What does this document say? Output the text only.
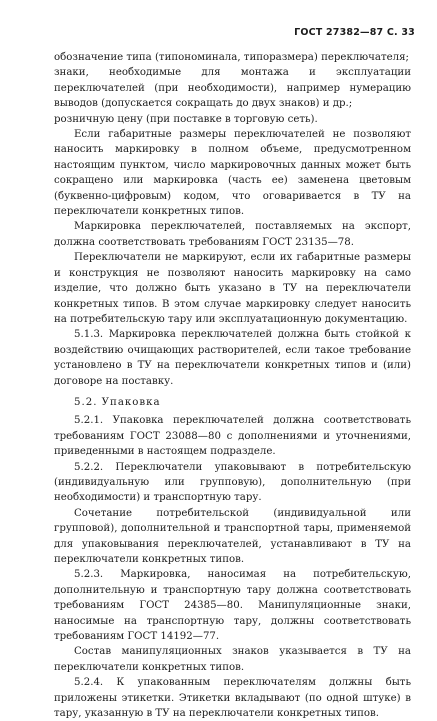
ГОСТ 27382—87 С. 33

обозначение типа (типономинала, типоразмера) переключателя;

знаки, необходимые для монтажа и эксплуатации переключателей (при необходимости), например нумерацию выводов (допускается сокращать до двух знаков) и др.;

розничную цену (при поставке в торговую сеть).

Если габаритные размеры переключателей не позволяют наносить маркировку в полном объеме, предусмотренном настоящим пунктом, число маркировочных данных может быть сокращено или маркировка (часть ее) заменена цветовым (буквенно-цифровым) кодом, что оговаривается в ТУ на переключатели конкретных типов.

Маркировка переключателей, поставляемых на экспорт, должна соответствовать требованиям ГОСТ 23135—78.

Переключатели не маркируют, если их габаритные размеры и конструкция не позволяют наносить маркировку на само изделие, что должно быть указано в ТУ на переключатели конкретных типов. В этом случае маркировку следует наносить на потребительскую тару или эксплуатационную документацию.

5.1.3. Маркировка переключателей должна быть стойкой к воздействию очищающих растворителей, если такое требование установлено в ТУ на переключатели конкретных типов и (или) договоре на поставку.

5.2. Упаковка

5.2.1. Упаковка переключателей должна соответствовать требованиям ГОСТ 23088—80 с дополнениями и уточнениями, приведенными в настоящем подразделе.

5.2.2. Переключатели упаковывают в потребительскую (индивидуальную или групповую), дополнительную (при необходимости) и транспортную тару.

Сочетание потребительской (индивидуальной или групповой), дополнительной и транспортной тары, применяемой для упаковывания переключателей, устанавливают в ТУ на переключатели конкретных типов.

5.2.3. Маркировка, наносимая на потребительскую, дополнительную и транспортную тару должна соответствовать требованиям ГОСТ 24385—80. Манипуляционные знаки, наносимые на транспортную тару, должны соответствовать требованиям ГОСТ 14192—77.

Состав манипуляционных знаков указывается в ТУ на переключатели конкретных типов.

5.2.4. К упакованным переключателям должны быть приложены этикетки. Этикетки вкладывают (по одной штуке) в тару, указанную в ТУ на переключатели конкретных типов.
